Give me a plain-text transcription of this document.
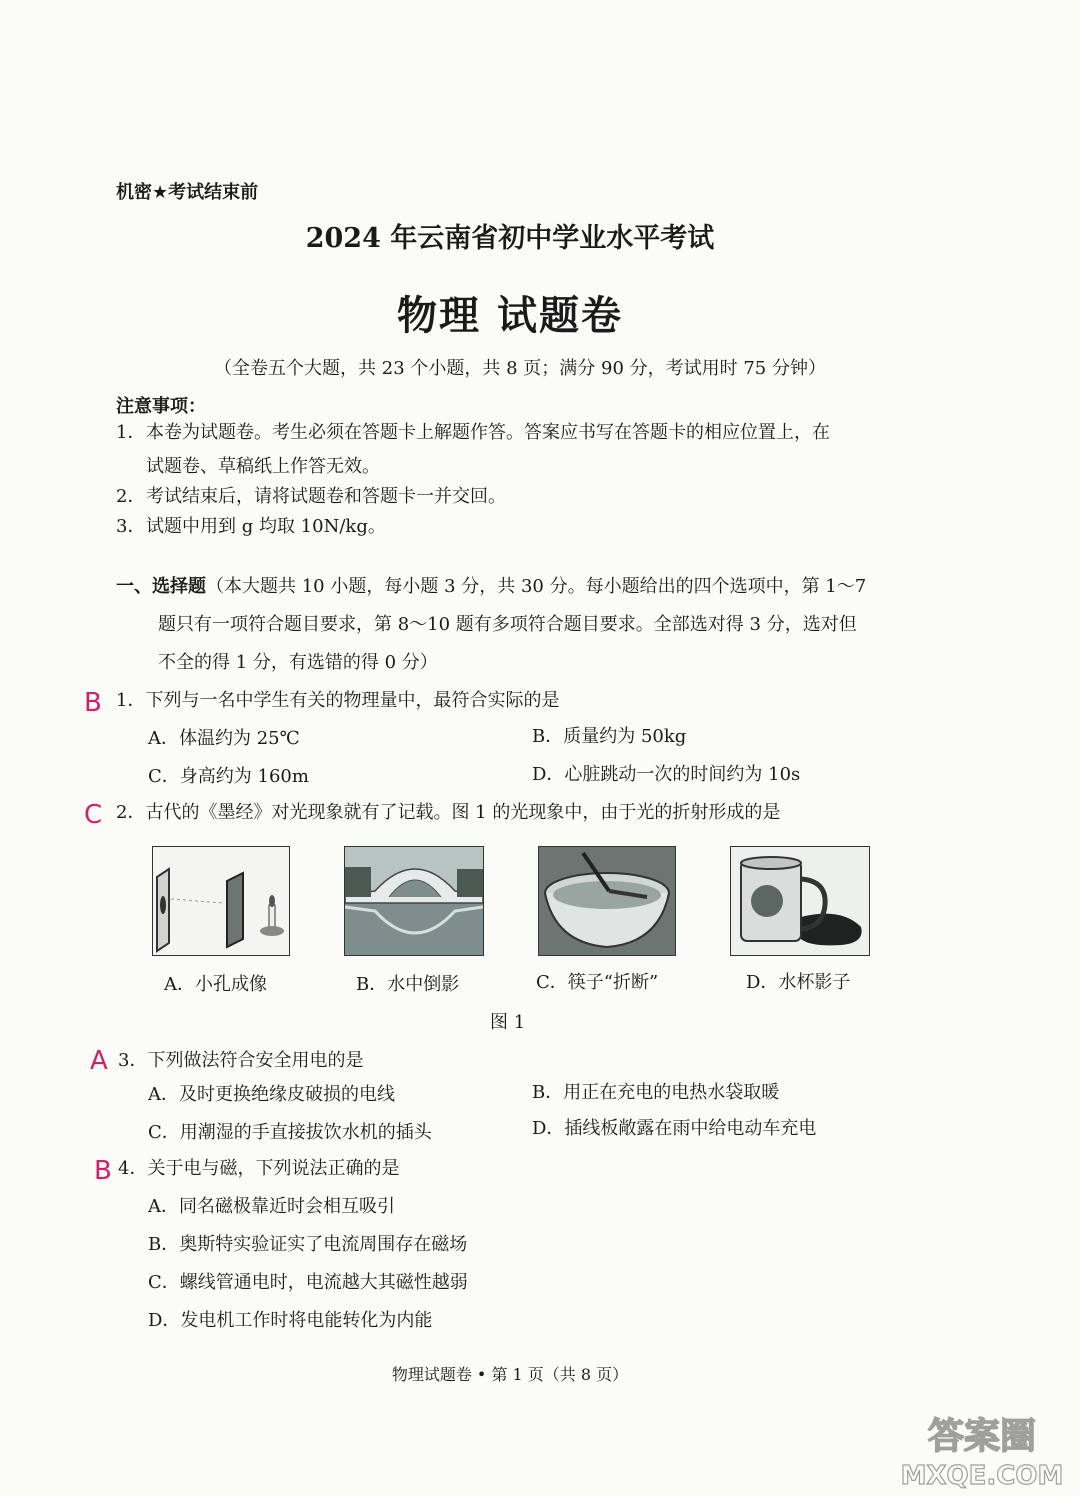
机密★考试结束前
2024 年云南省初中学业水平考试
物理 试题卷
（全卷五个大题，共 23 个小题，共 8 页；满分 90 分，考试用时 75 分钟）
注意事项：
1．本卷为试题卷。考生必须在答题卡上解题作答。答案应书写在答题卡的相应位置上，在
试题卷、草稿纸上作答无效。
2．考试结束后，请将试题卷和答题卡一并交回。
3．试题中用到 g 均取 10N/kg。
一、选择题（本大题共 10 小题，每小题 3 分，共 30 分。每小题给出的四个选项中，第 1～7
题只有一项符合题目要求，第 8～10 题有多项符合题目要求。全部选对得 3 分，选对但
不全的得 1 分，有选错的得 0 分）
B 1．下列与一名中学生有关的物理量中，最符合实际的是
A．体温约为 25℃	B．质量约为 50kg
C．身高约为 160m	D．心脏跳动一次的时间约为 10s
C 2．古代的《墨经》对光现象就有了记载。图 1 的光现象中，由于光的折射形成的是
A．小孔成像	B．水中倒影	C．筷子“折断”	D．水杯影子
图 1
A 3．下列做法符合安全用电的是
A．及时更换绝缘皮破损的电线	B．用正在充电的电热水袋取暖
C．用潮湿的手直接拔饮水机的插头	D．插线板敞露在雨中给电动车充电
B 4．关于电与磁，下列说法正确的是
A．同名磁极靠近时会相互吸引
B．奥斯特实验证实了电流周围存在磁场
C．螺线管通电时，电流越大其磁性越弱
D．发电机工作时将电能转化为内能
物理试题卷 • 第 1 页（共 8 页）
答案圈
MXQE.COM
